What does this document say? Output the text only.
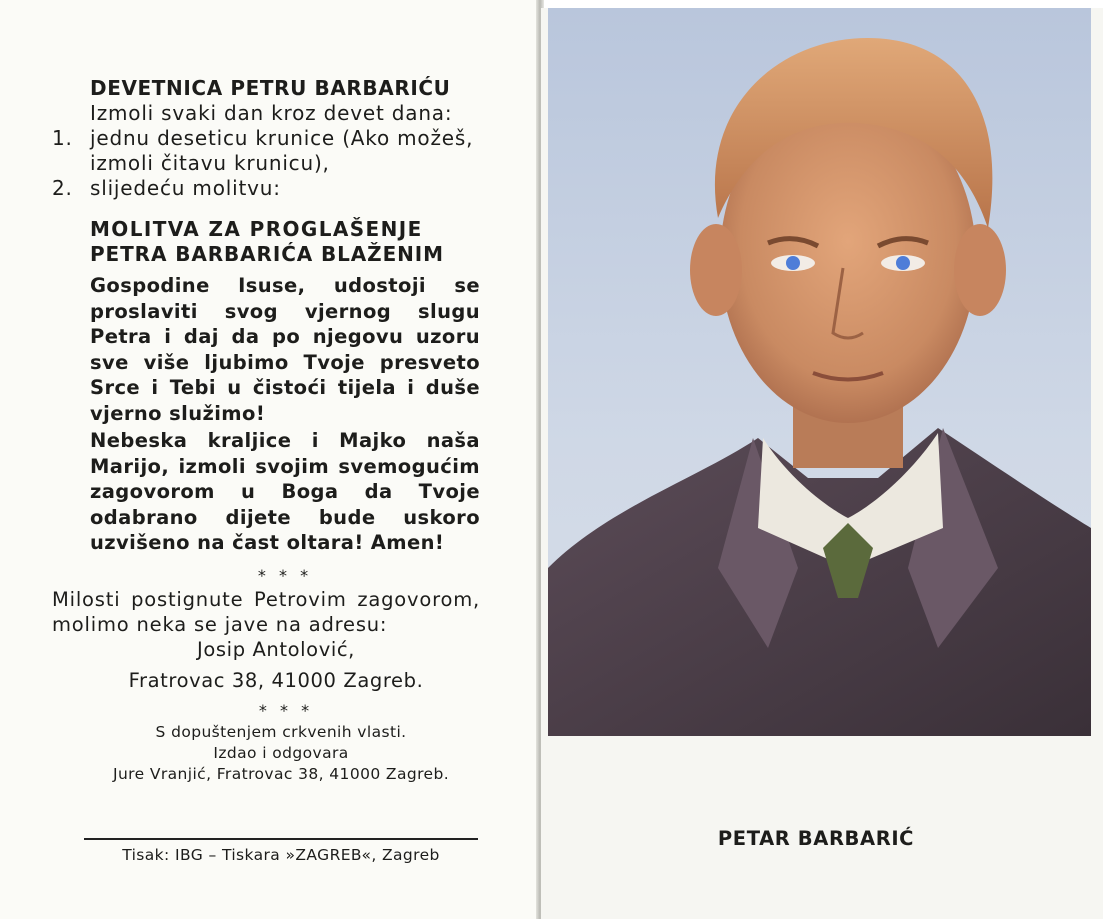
DEVETNICA PETRU BARBARIĆU

Izmoli svaki dan kroz devet dana:

1. jednu deseticu krunice (Ako možeš,
izmoli čitavu krunicu),
2. slijedeću molitvu:

MOLITVA ZA PROGLAŠENJE

PETRA BARBARIĆA BLAŽENIM

Gospodine Isuse, udostoji se proslaviti svog vjernog slugu Petra i daj da po njegovu uzoru sve više ljubimo Tvoje presveto Srce i Tebi u čistoći tijela i duše vjerno služimo!

Nebeska kraljice i Majko naša Marijo, izmoli svojim svemogućim zagovorom u Boga da Tvoje odabrano dijete bude uskoro uzvišeno na čast oltara! Amen!

* * *

Milosti postignute Petrovim zagovorom, molimo neka se jave na adresu:

Josip Antolović,

Fratrovac 38, 41000 Zagreb.

* * *

S dopuštenjem crkvenih vlasti.

Izdao i odgovara

Jure Vranjić, Fratrovac 38, 41000 Zagreb.

Tisak: IBG – Tiskara »ZAGREB«, Zagreb
PETAR BARBARIĆ
